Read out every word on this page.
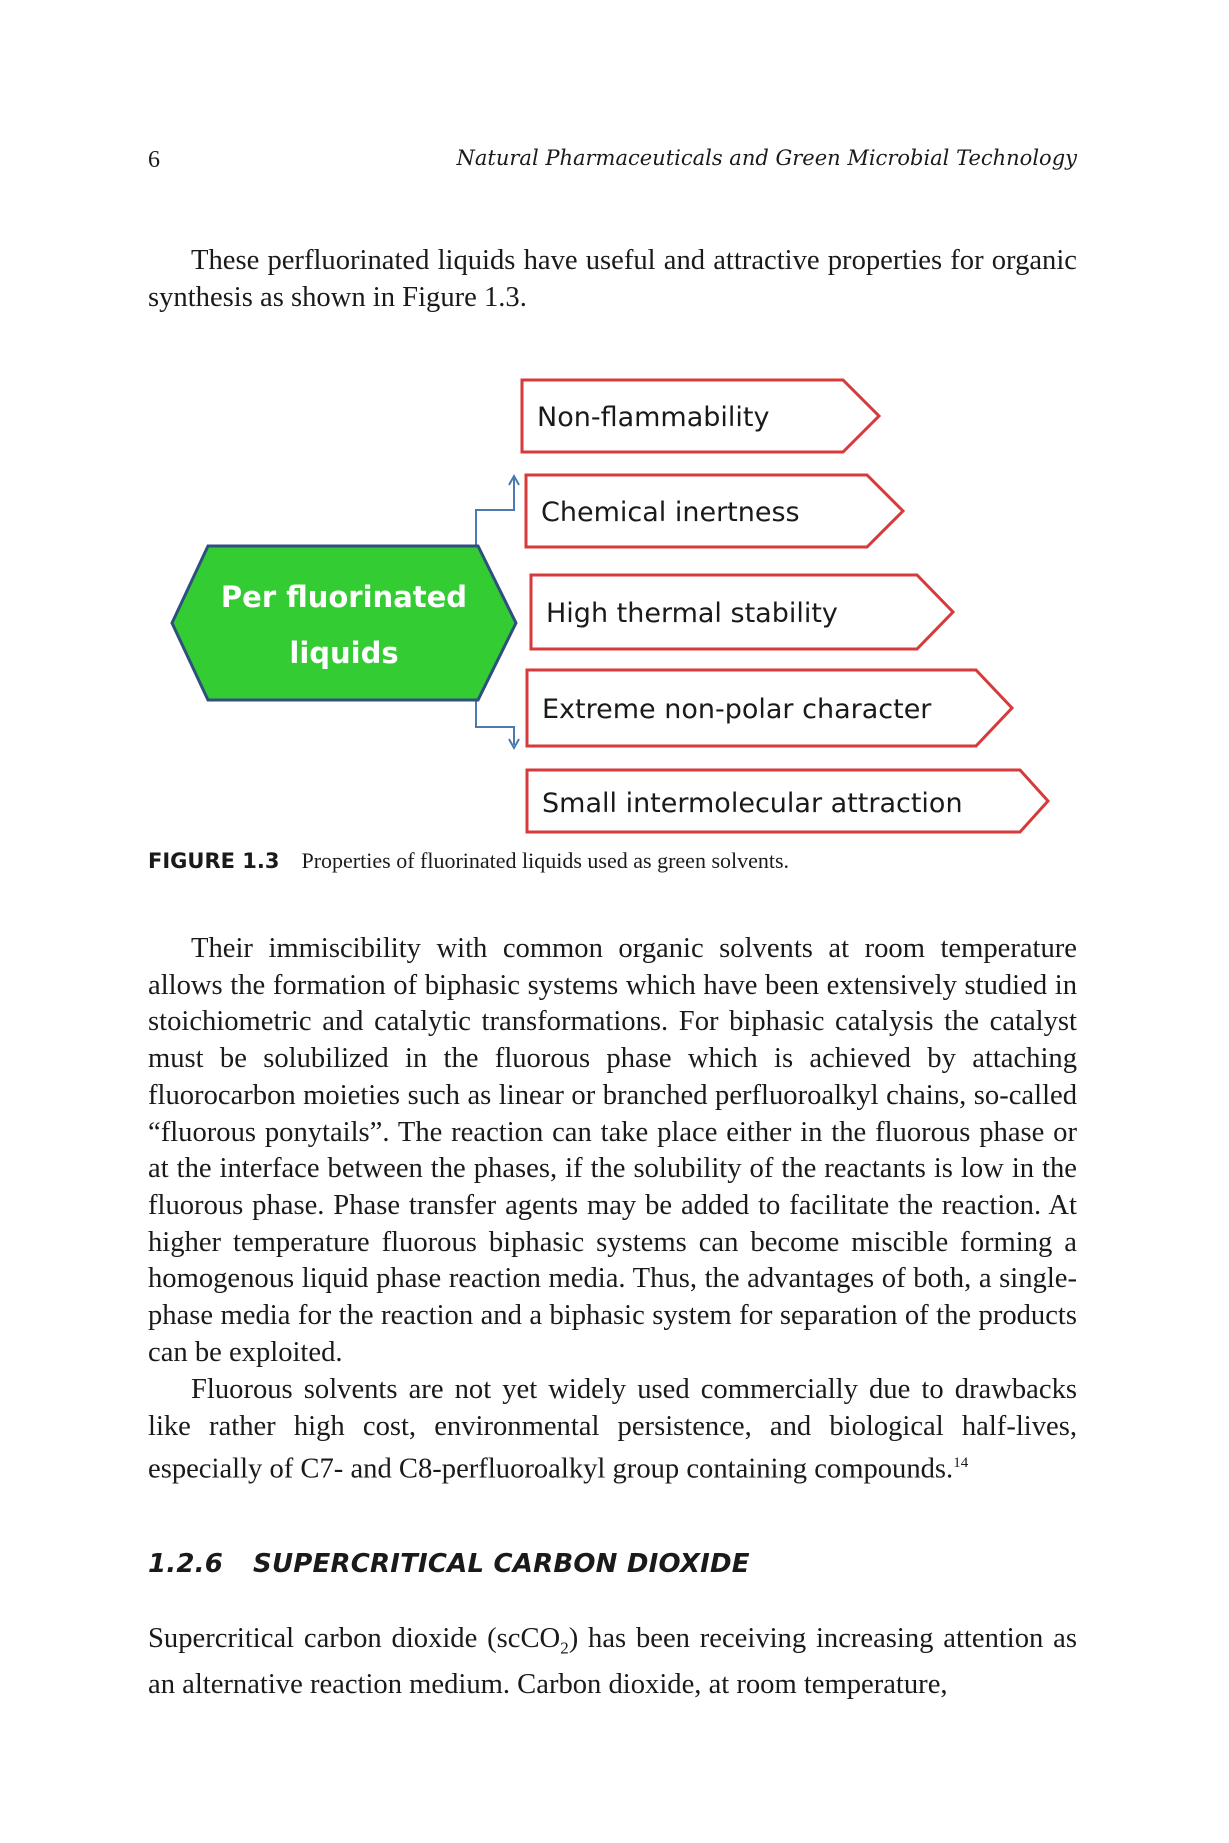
6	Natural Pharmaceuticals and Green Microbial Technology

These perfluorinated liquids have useful and attractive properties for organic synthesis as shown in Figure 1.3.

Per fluorinated
liquids
Non-flammability
Chemical inertness
High thermal stability
Extreme non-polar character
Small intermolecular attraction
FIGURE 1.3 Properties of fluorinated liquids used as green solvents.

Their immiscibility with common organic solvents at room temperature allows the formation of biphasic systems which have been extensively studied in stoichiometric and catalytic transformations. For biphasic catalysis the catalyst must be solubilized in the fluorous phase which is achieved by attaching fluorocarbon moieties such as linear or branched perfluoroalkyl chains, so-called “fluorous ponytails”. The reaction can take place either in the fluorous phase or at the interface between the phases, if the solubility of the reactants is low in the fluorous phase. Phase transfer agents may be added to facilitate the reaction. At higher temperature fluorous biphasic systems can become miscible forming a homogenous liquid phase reaction media. Thus, the advantages of both, a single-phase media for the reaction and a biphasic system for separation of the products can be exploited.

Fluorous solvents are not yet widely used commercially due to drawbacks like rather high cost, environmental persistence, and biological half-lives, especially of C7- and C8-perfluoroalkyl group containing compounds.$^{14}$

1.2.6 SUPERCRITICAL CARBON DIOXIDE

Supercritical carbon dioxide (scCO$_2$) has been receiving increasing attention as an alternative reaction medium. Carbon dioxide, at room temperature,
